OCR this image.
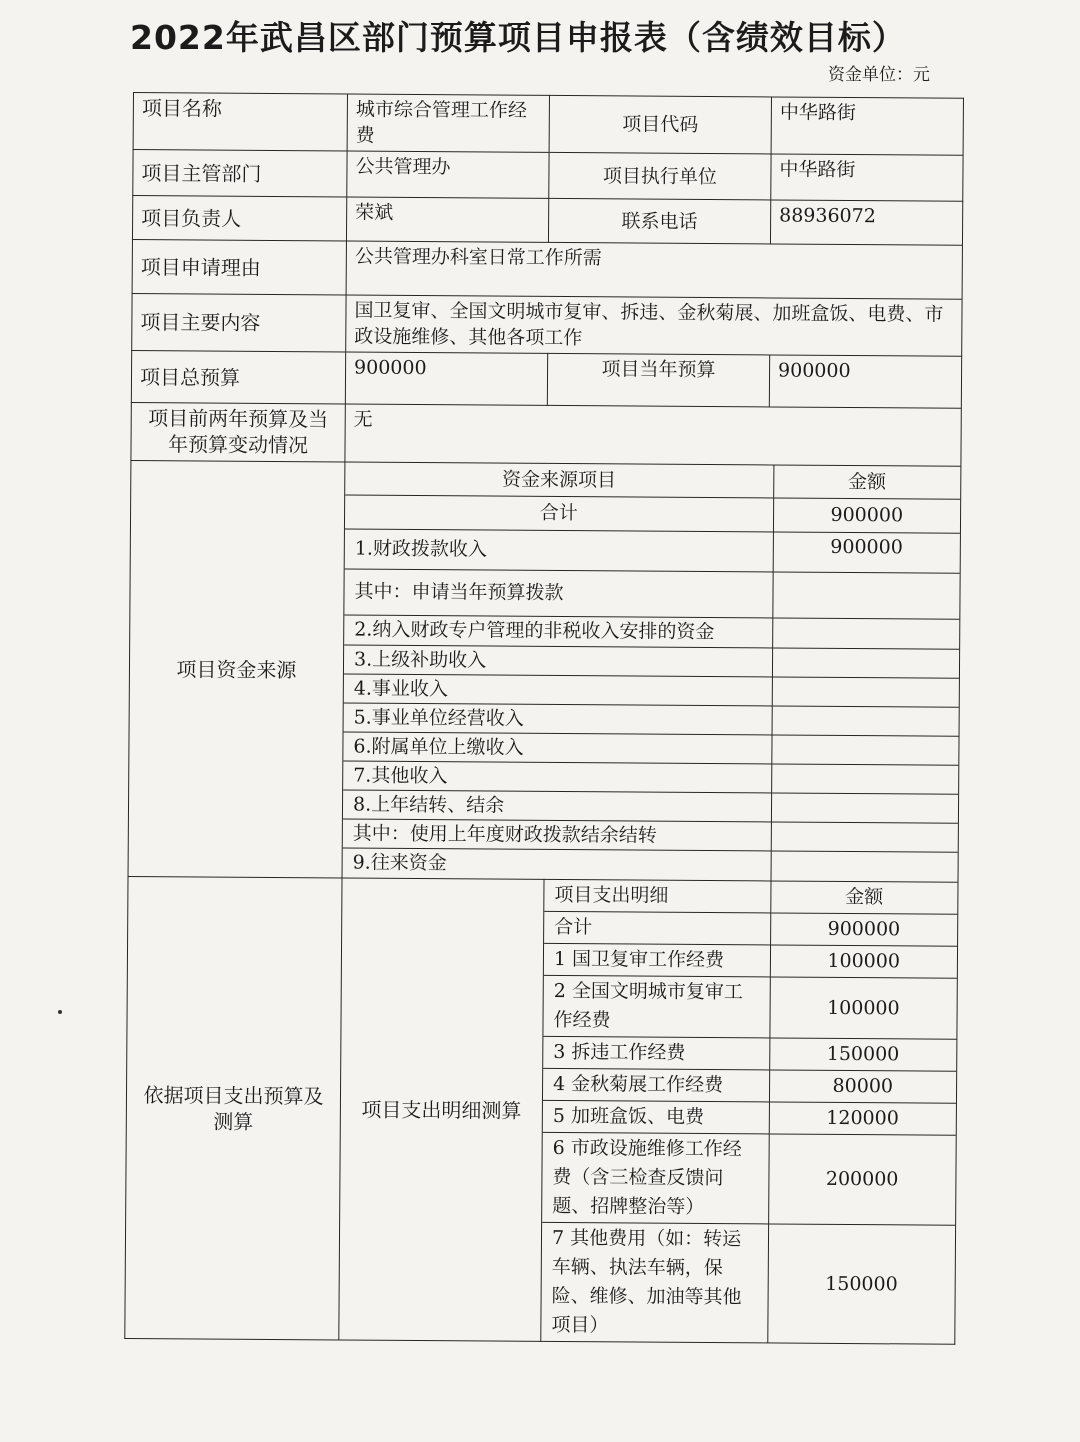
2022年武昌区部门预算项目申报表（含绩效目标）
资金单位：元
项目名称	城市综合管理工作经费	项目代码	中华路街
项目主管部门	公共管理办	项目执行单位	中华路街
项目负责人	荣斌	联系电话	88936072
项目申请理由	公共管理办科室日常工作所需
项目主要内容	国卫复审、全国文明城市复审、拆违、金秋菊展、加班盒饭、电费、市政设施维修、其他各项工作
项目总预算	900000	项目当年预算	900000
项目前两年预算及当年预算变动情况	无
项目资金来源	
资金来源项目	金额
合计	900000
1.财政拨款收入	900000
其中：申请当年预算拨款	
2.纳入财政专户管理的非税收入安排的资金	
3.上级补助收入	
4.事业收入	
5.事业单位经营收入	
6.附属单位上缴收入	
7.其他收入	
8.上年结转、结余	
其中：使用上年度财政拨款结余结转	
9.往来资金	

依据项目支出预算及测算	项目支出明细测算	
项目支出明细	金额
合计	900000
1 国卫复审工作经费	100000
2 全国文明城市复审工作经费	100000
3 拆违工作经费	150000
4 金秋菊展工作经费	80000
5 加班盒饭、电费	120000
6 市政设施维修工作经费（含三检查反馈问题、招牌整治等）	200000
7 其他费用（如：转运车辆、执法车辆，保险、维修、加油等其他项目）	150000
